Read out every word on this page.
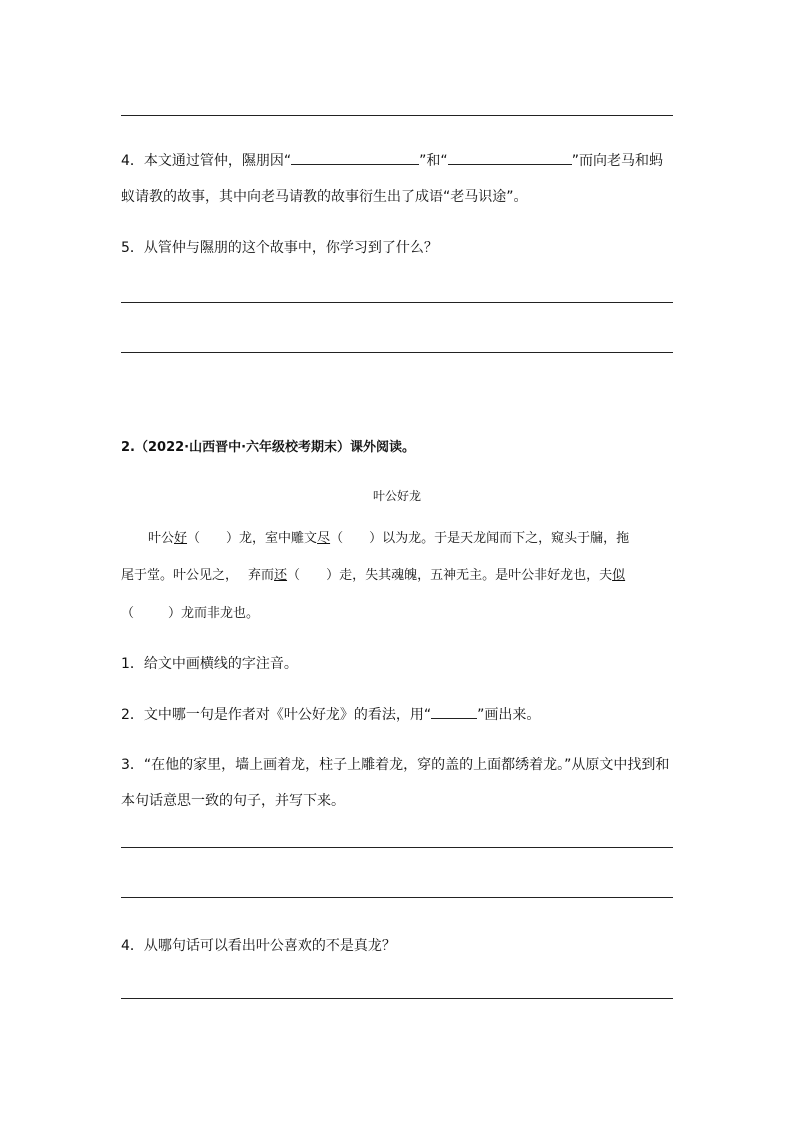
4．本文通过管仲，隰朋因“	”和“	”而向老马和蚂
蚁请教的故事，其中向老马请教的故事衍生出了成语“老马识途”。
5．从管仲与隰朋的这个故事中，你学习到了什么？
2.（2022·山西晋中·六年级校考期末）课外阅读。
叶公好龙
叶公好（ ）龙，室中雕文尽（ ）以为龙。于是天龙闻而下之，窥头于牖，拖
尾于堂。叶公见之， 弃而还（ ）走，失其魂魄，五神无主。是叶公非好龙也，夫似
（	）龙而非龙也。
1．给文中画横线的字注音。
2．文中哪一句是作者对《叶公好龙》的看法，用“	”画出来。
3．“在他的家里，墙上画着龙，柱子上雕着龙，穿的盖的上面都绣着龙。”从原文中找到和
本句话意思一致的句子，并写下来。
4．从哪句话可以看出叶公喜欢的不是真龙？
